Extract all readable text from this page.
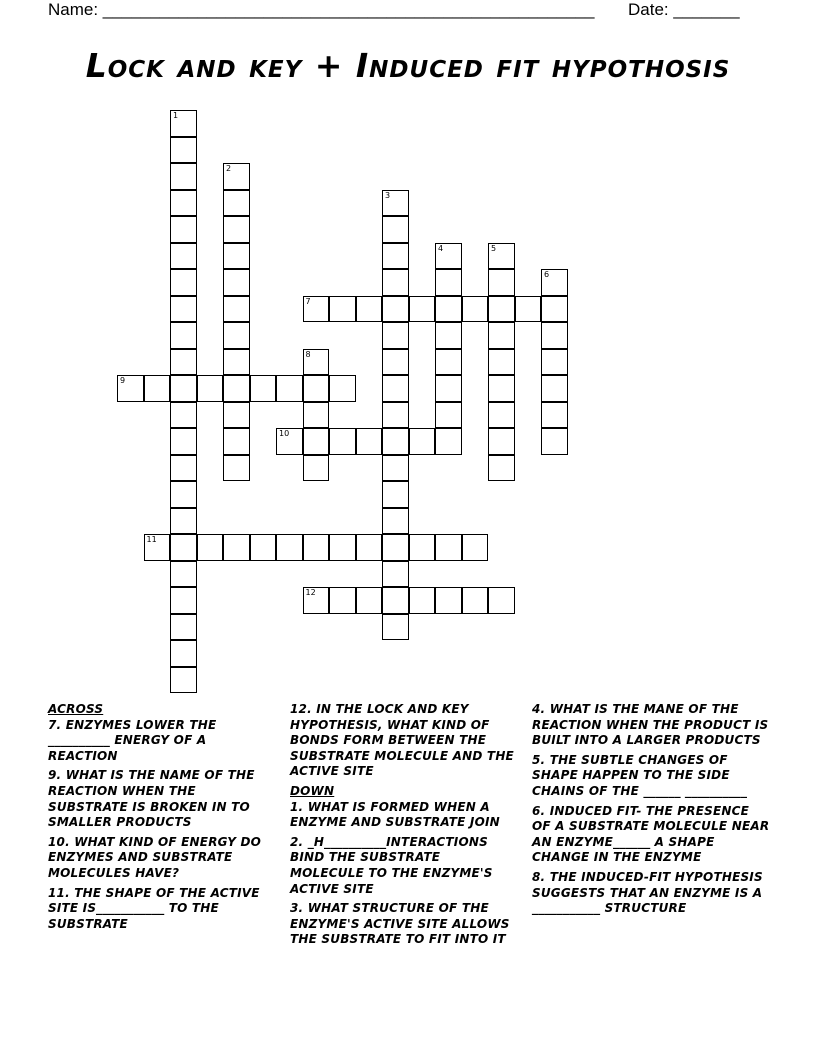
Name: ____________________________________________________ Date: _______
Lock and key + Induced fit hypothosis
1
2
3
4	5
6
7
8
9
10
11
12
ACROSS
7. ENZYMES LOWER THE __________ ENERGY OF A REACTION
9. WHAT IS THE NAME OF THE REACTION WHEN THE SUBSTRATE IS BROKEN IN TO SMALLER PRODUCTS
10. WHAT KIND OF ENERGY DO ENZYMES AND SUBSTRATE MOLECULES HAVE?
11. THE SHAPE OF THE ACTIVE SITE IS___________ TO THE SUBSTRATE
12. IN THE LOCK AND KEY HYPOTHESIS, WHAT KIND OF BONDS FORM BETWEEN THE SUBSTRATE MOLECULE AND THE ACTIVE SITE
DOWN
1. WHAT IS FORMED WHEN A ENZYME AND SUBSTRATE JOIN
2. _H__________INTERACTIONS BIND THE SUBSTRATE MOLECULE TO THE ENZYME'S ACTIVE SITE
3. WHAT STRUCTURE OF THE ENZYME'S ACTIVE SITE ALLOWS THE SUBSTRATE TO FIT INTO IT
4. WHAT IS THE MANE OF THE REACTION WHEN THE PRODUCT IS BUILT INTO A LARGER PRODUCTS
5. THE SUBTLE CHANGES OF SHAPE HAPPEN TO THE SIDE CHAINS OF THE ______ __________
6. INDUCED FIT- THE PRESENCE OF A SUBSTRATE MOLECULE NEAR AN ENZYME______ A SHAPE CHANGE IN THE ENZYME
8. THE INDUCED-FIT HYPOTHESIS SUGGESTS THAT AN ENZYME IS A ___________ STRUCTURE
